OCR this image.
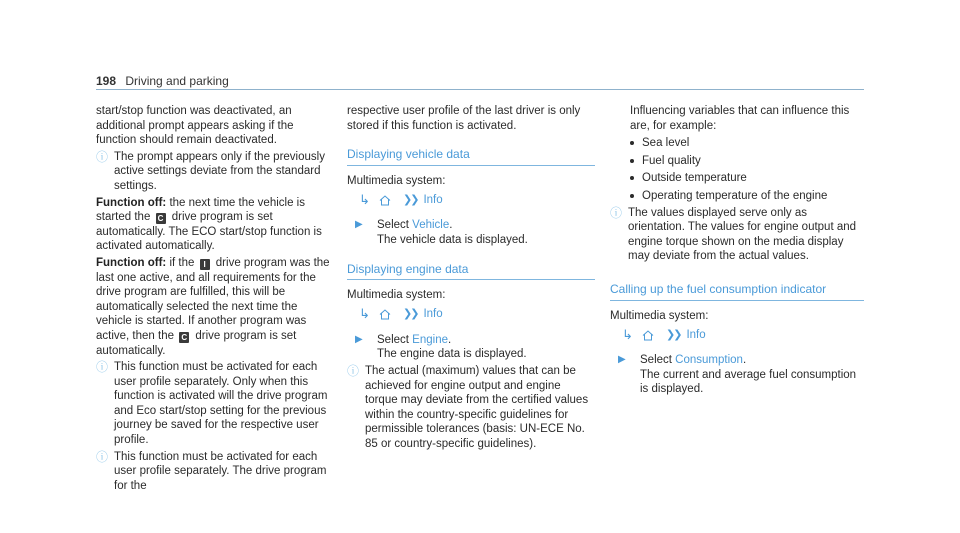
198 Driving and parking

start/stop function was deactivated, an additional prompt appears asking if the function should remain deactivated.

ⓘ The prompt appears only if the previously active settings deviate from the standard settings.

Function off: the next time the vehicle is started the C drive program is set automatically. The ECO start/stop function is activated automatically.

Function off: if the I drive program was the last one active, and all requirements for the drive program are fulfilled, this will be automatically selected the next time the vehicle is started. If another program was active, then the C drive program is set automatically.

ⓘ This function must be activated for each user profile separately. Only when this function is activated will the drive program and Eco start/stop setting for the previous journey be saved for the respective user profile.
ⓘ This function must be activated for each user profile separately. The drive program for the

respective user profile of the last driver is only stored if this function is activated.

Displaying vehicle data

Multimedia system:

↳	❯❯ Info
▶	Select Vehicle.
The vehicle data is displayed.
Displaying engine data

Multimedia system:

↳	❯❯ Info
▶	Select Engine.
The engine data is displayed.
ⓘ The actual (maximum) values that can be achieved for engine output and engine torque may deviate from the certified values within the country-specific guidelines for permissible tolerances (basis: UN-ECE No. 85 or country-specific guidelines).

Influencing variables that can influence this are, for example:

Sea level
Fuel quality
Outside temperature
Operating temperature of the engine
ⓘ The values displayed serve only as orientation. The values for engine output and engine torque shown on the media display may deviate from the actual values.
Calling up the fuel consumption indicator

Multimedia system:

↳	❯❯ Info
▶	Select Consumption.
The current and average fuel consumption is displayed.
